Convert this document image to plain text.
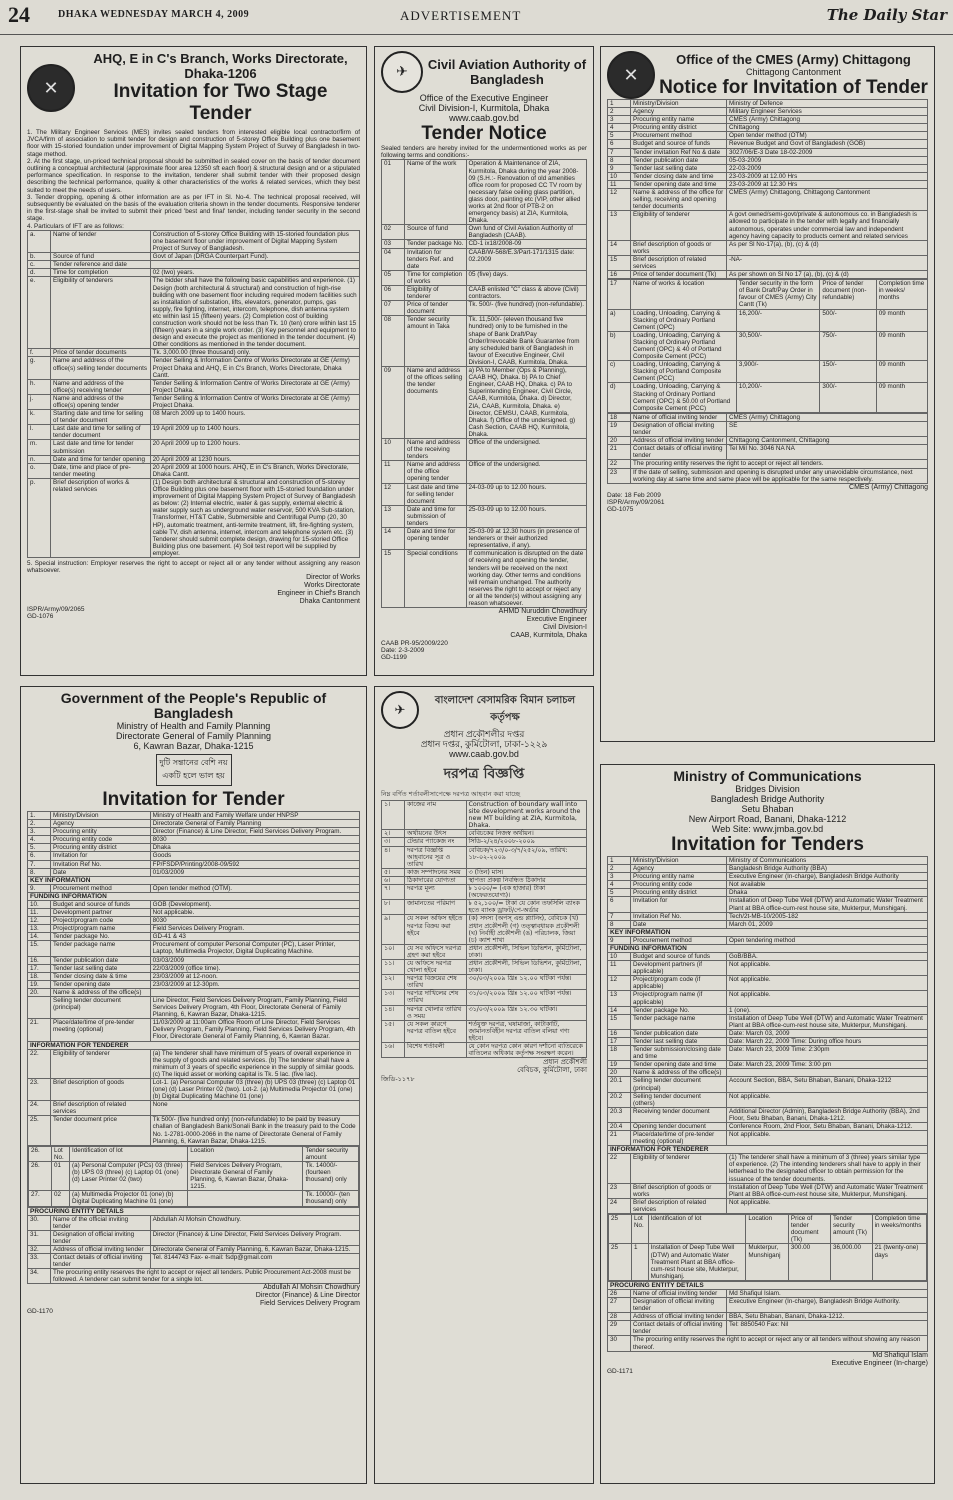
24	DHAKA WEDNESDAY MARCH 4, 2009	ADVERTISEMENT	The Daily Star
✕
AHQ, E in C's Branch, Works Directorate, Dhaka-1206
Invitation for Two Stage Tender
1. The Military Engineer Services (MES) invites sealed tenders from interested eligible local contractor/firm of JVCA/firm of association to submit tender for design and construction of 5-storey Office Building plus one basement floor with 15-storied foundation under improvement of Digital Mapping System Project of Survey of Bangladesh in two-stage method.
2. At the first stage, un-priced technical proposal should be submitted in sealed cover on the basis of tender document outlining a conceptual architectural (approximate floor area 12350 sft each floor) & structural design and or a stipulated performance specification. In response to the invitation, tenderer shall submit tender with their proposed design describing the technical performance, quality & other characteristics of the works & related services, which they best suited to meet the needs of users.
3. Tender dropping, opening & other information are as per IFT in Sl. No-4. The technical proposal received, will subsequently be evaluated on the basis of the evaluation criteria shown in the tender documents. Responsive tenderer in the first-stage shall be invited to submit their priced 'best and final' tender, including tender security in the second stage.
4. Particulars of IFT are as follows:
a.	Name of tender	Construction of 5-storey Office Building with 15-storied foundation plus one basement floor under improvement of Digital Mapping System Project of Survey of Bangladesh.
b.	Source of fund	Govt of Japan (DRGA Counterpart Fund).
c.	Tender reference and date	
d.	Time for completion	02 (two) years.
e.	Eligibility of tenderers	The bidder shall have the following basic capabilities and experience. (1) Design (both architectural & structural) and construction of high-rise building with one basement floor including required modern facilities such as installation of substation, lifts, elevators, generator, pumps, gas supply, fire fighting, internet, intercom, telephone, dish antenna system etc within last 15 (fifteen) years. (2) Completion cost of building construction work should not be less than Tk. 10 (ten) crore within last 15 (fifteen) years in a single work order. (3) Key personnel and equipment to design and execute the project as mentioned in the tender document. (4) Other conditions as mentioned in the tender document.
f.	Price of tender documents	Tk. 3,000.00 (three thousand) only.
g.	Name and address of the office(s) selling tender documents	Tender Selling & Information Centre of Works Directorate at GE (Army) Project Dhaka and AHQ, E in C's Branch, Works Directorate, Dhaka Cantt.
h.	Name and address of the office(s) receiving tender	Tender Selling & Information Centre of Works Directorate at GE (Army) Project Dhaka.
j.	Name and address of the office(s) opening tender	Tender Selling & Information Centre of Works Directorate at GE (Army) Project Dhaka.
k.	Starting date and time for selling of tender document	08 March 2009 up to 1400 hours.
l.	Last date and time for selling of tender document	19 April 2009 up to 1400 hours.
m.	Last date and time for tender submission	20 April 2009 up to 1200 hours.
n.	Date and time for tender opening	20 April 2009 at 1230 hours.
o.	Date, time and place of pre-tender meeting	20 April 2009 at 1000 hours. AHQ, E in C's Branch, Works Directorate, Dhaka Cantt.
p.	Brief description of works & related services	(1) Design both architectural & structural and construction of 5-storey Office Building plus one basement floor with 15-storied foundation under improvement of Digital Mapping System Project of Survey of Bangladesh as below: (2) Internal electric, water & gas supply, external electric & water supply such as underground water reservoir, 500 KVA Sub-station, Transformer, HT&T Cable, Submersible and Centrifugal Pump (20, 30 HP), automatic treatment, anti-termite treatment, lift, fire-fighting system, cable TV, dish antenna, internet, intercom and telephone system etc. (3) Tenderer should submit complete design, drawing for 15-storied Office Building plus one basement. (4) Soil test report will be supplied by employer.
5. Special instruction: Employer reserves the right to accept or reject all or any tender without assigning any reason whatsoever.
Director of Works
Works Directorate
Engineer in Chief's Branch
Dhaka Cantonment
ISPR/Army/09/2065
GD-1076
✈	Civil Aviation Authority of Bangladesh
Office of the Executive Engineer
Civil Division-I, Kurmitola, Dhaka
www.caab.gov.bd
Tender Notice
Sealed tenders are hereby invited for the undermentioned works as per following terms and conditions:-
01	Name of the work	Operation & Maintenance of ZIA, Kurmitola, Dhaka during the year 2008-09 (S.H.:- Renovation of old amenities office room for proposed CC TV room by necessary false ceiling glass partition, glass door, painting etc (VIP, other allied works at 2nd floor of PTB-2 on emergency basis) at ZIA, Kurmitola, Dhaka.
02	Source of fund	Own fund of Civil Aviation Authority of Bangladesh (CAAB).
03	Tender package No.	CD-1 ix18/2008-09
04	Invitation for tenders Ref. and date	CAAB/W-568/E.3/Part-171/1315 date: 02.2009
05	Time for completion of works	05 (five) days.
06	Eligibility of tenderer	CAAB enlisted "C" class & above (Civil) contractors.
07	Price of tender document	Tk. 500/- (five hundred) (non-refundable).
08	Tender security amount in Taka	Tk. 11,500/- (eleven thousand five hundred) only to be furnished in the shape of Bank Draft/Pay Order/Irrevocable Bank Guarantee from any scheduled bank of Bangladesh in favour of Executive Engineer, Civil Division-I, CAAB, Kurmitola, Dhaka.
09	Name and address of the offices selling the tender documents	a) PA to Member (Ops & Planning), CAAB HQ, Dhaka. b) PA to Chief Engineer, CAAB HQ, Dhaka. c) PA to Superintending Engineer, Civil Circle, CAAB, Kurmitola, Dhaka. d) Director, ZIA, CAAB, Kurmitola, Dhaka. e) Director, CEMSU, CAAB, Kurmitola, Dhaka. f) Office of the undersigned. g) Cash Section, CAAB HQ, Kurmitola, Dhaka.
10	Name and address of the receiving tenders	Office of the undersigned.
11	Name and address of the office opening tender	Office of the undersigned.
12	Last date and time for selling tender document	24-03-09 up to 12.00 hours.
13	Date and time for submission of tenders	25-03-09 up to 12.00 hours.
14	Date and time for opening tender	25-03-09 at 12.30 hours (in presence of tenderers or their authorized representative, if any).
15	Special conditions	If communication is disrupted on the date of receiving and opening the tender, tenders will be received on the next working day. Other terms and conditions will remain unchanged. The authority reserves the right to accept or reject any or all the tender(s) without assigning any reason whatsoever.
AHMD Nuruddin Chowdhury
Executive Engineer
Civil Division-I
CAAB, Kurmitola, Dhaka
CAAB PR-95/2009/220
Date: 2-3-2009
GD-1199
✕
Office of the CMES (Army) Chittagong
Chittagong Cantonment
Notice for Invitation of Tender
1	Ministry/Division	Ministry of Defence
2	Agency	Military Engineer Services
3	Procuring entity name	CMES (Army) Chittagong
4	Procuring entity district	Chittagong
5	Procurement method	Open tender method (OTM)
6	Budget and source of funds	Revenue Budget and Govt of Bangladesh (GOB)
7	Tender invitation Ref No & date	3027/06/E-3 Date 18-02-2009
8	Tender publication date	05-03-2009
9	Tender last selling date	22-03-2009
10	Tender closing date and time	23-03-2009 at 12.00 Hrs
11	Tender opening date and time	23-03-2009 at 12.30 Hrs
12	Name & address of the office for selling, receiving and opening tender documents	CMES (Army) Chittagong, Chittagong Cantonment
13	Eligibility of tenderer	A govt owned/semi-govt/private & autonomous co. in Bangladesh is allowed to participate in the tender with legally and financially autonomous, operates under commercial law and independent agency having capacity to products cement and related services
14	Brief description of goods or works	As per Sl No-17(a), (b), (c) & (d)
15	Brief description of related services	-NA-
16	Price of tender document (Tk)	As per shown on Sl No 17 (a), (b), (c) & (d)
17	Name of works & location	Tender security in the form of Bank Draft/Pay Order in favour of CMES (Army) City Cantt (Tk)	Price of tender document (non-refundable)	Completion time in weeks/ months
a)	Loading, Unloading, Carrying & Stacking of Ordinary Portland Cement (OPC)	16,200/-	500/-	09 month
b)	Loading, Unloading, Carrying & Stacking of Ordinary Portland Cement (OPC) & 40 of Portland Composite Cement (PCC)	30,500/-	750/-	09 month
c)	Loading, Unloading, Carrying & Stacking of Portland Composite Cement (PCC)	3,900/-	150/-	09 month
d)	Loading, Unloading, Carrying & Stacking of Ordinary Portland Cement (OPC) & 50.00 of Portland Composite Cement (PCC)	10,200/-	300/-	09 month
18	Name of official inviting tender	CMES (Army) Chittagong
19	Designation of official inviting tender	SE
20	Address of official inviting tender	Chittagong Cantonment, Chittagong
21	Contact details of official inviting tender	Tel Mil No. 3046 NA NA
22	The procuring entity reserves the right to accept or reject all tenders.	
23	If the date of selling, submission and opening is disrupted under any unavoidable circumstance, next working day at same time and same place will be applicable for the same respectively.	
CMES (Army) Chittagong
Date: 18 Feb 2009
ISPR/Army/09/2061
GD-1075
Government of the People's Republic of Bangladesh
Ministry of Health and Family Planning
Directorate General of Family Planning
6, Kawran Bazar, Dhaka-1215
দুটি সন্তানের বেশি নয় একটি হলে ভাল হয়
Invitation for Tender
1.	Ministry/Division	Ministry of Health and Family Welfare under HNPSP
2.	Agency	Directorate General of Family Planning
3.	Procuring entity	Director (Finance) & Line Director, Field Services Delivery Program.
4.	Procuring entity code	8030
5.	Procuring entity district	Dhaka
6.	Invitation for	Goods
7.	Invitation Ref No.	FP/FSDP/Printing/2008-09/592
8.	Date	01/03/2009
KEY INFORMATION
9.	Procurement method	Open tender method (OTM).
FUNDING INFORMATION
10.	Budget and source of funds	GOB (Development).
11.	Development partner	Not applicable.
12.	Project/program code	8030
13.	Project/program name	Field Services Delivery Program.
14.	Tender package No.	GD-41 & 43
15.	Tender package name	Procurement of computer Personal Computer (PC), Laser Printer, Laptop, Multimedia Projector, Digital Duplicating Machine.
16.	Tender publication date	03/03/2009
17.	Tender last selling date	22/03/2009 (office time).
18.	Tender closing date & time	23/03/2009 at 12-noon.
19.	Tender opening date	23/03/2009 at 12-30pm.
20.	Name & address of the office(s)	
	Selling tender document (principal)	Line Director, Field Services Delivery Program, Family Planning, Field Services Delivery Program, 4th Floor, Directorate General of Family Planning, 6, Kawran Bazar, Dhaka-1215.
21.	Place/date/time of pre-tender meeting (optional)	11/03/2009 at 11:00am Office Room of Line Director, Field Services Delivery Program, Family Planning, Field Services Delivery Program, 4th Floor, Directorate General of Family Planning, 6, Kawran Bazar.
INFORMATION FOR TENDERER
22.	Eligibility of tenderer	(a) The tenderer shall have minimum of 5 years of overall experience in the supply of goods and related services. (b) The tenderer shall have a minimum of 3 years of specific experience in the supply of similar goods. (c) The liquid asset or working capital is Tk. 5 lac. (five lac).
23.	Brief description of goods	Lot-1. (a) Personal Computer 03 (three) (b) UPS 03 (three) (c) Laptop 01 (one) (d) Laser Printer 02 (two). Lot-2. (a) Multimedia Projector 01 (one) (b) Digital Duplicating Machine 01 (one)
24.	Brief description of related services	None
25.	Tender document price	Tk 500/- (five hundred only) (non-refundable) to be paid by treasury challan of Bangladesh Bank/Sonali Bank in the treasury paid to the Code No. 1-2781-0000-2066 in the name of Directorate General of Family Planning, 6, Kawran Bazar, Dhaka-1215.

26.	Lot No.	Identification of lot	Location	Tender security amount
26.	01	(a) Personal Computer (PCs) 03 (three) (b) UPS 03 (three) (c) Laptop 01 (one) (d) Laser Printer 02 (two)	Field Services Delivery Program, Directorate General of Family Planning, 6, Kawran Bazar, Dhaka-1215.	Tk. 14000/- (fourteen thousand) only
27.	02	(a) Multimedia Projector 01 (one) (b) Digital Duplicating Machine 01 (one)		Tk. 10000/- (ten thousand) only

PROCURING ENTITY DETAILS
30.	Name of the official inviting tender	Abdullah Al Mohsin Chowdhury.
31.	Designation of official inviting tender	Director (Finance) & Line Director, Field Services Delivery Program.
32.	Address of official inviting tender	Directorate General of Family Planning, 6, Kawran Bazar, Dhaka-1215.
33.	Contact details of official inviting tender	Tel. 8144743 Fax- e-mail: fsdp@gmail.com
34.	The procuring entity reserves the right to accept or reject all tenders. Public Procurement Act-2008 must be followed. A tenderer can submit tender for a single lot.
Abdullah Al Mohsin Chowdhury
Director (Finance) & Line Director
Field Services Delivery Program
GD-1170
✈
বাংলাদেশ বেসামরিক বিমান চলাচল কর্তৃপক্ষ
প্রধান প্রকৌশলীর দপ্তর
প্রধান দপ্তর, কুর্মিটোলা, ঢাকা-১২২৯
www.caab.gov.bd
দরপত্র বিজ্ঞপ্তি
নিম্ন বর্ণিত শর্তাবলীসাপেক্ষে দরপত্র আহবান করা যাচ্ছে
১।	কাজের নাম	Construction of boundary wall into site development works around the new MT building at ZIA, Kurmitola, Dhaka.
২।	অর্থায়নের উৎস	বেবিচকের নিজস্ব অর্থায়ন।
৩।	টেন্ডার প্যাকেজ নং	সিডি-২/২৪/২০০৮-২০০৯
৪।	দরপত্র বিজ্ঞপ্তি আহবানের সূত্র ও তারিখ	বেবিচক/৭২৩/০-৩/৭/২৫২/০৯, তারিখ: ১৮-০২-২০০৯
৫।	কাজ সম্পাদনের সময়	৩ (তিন) মাস।
৬।	ঠিকাদারের যোগ্যতা	স্থাপত্য প্রকল্প নিবন্ধিত ঠিকাদার
৭।	দরপত্র মূল্য	৳ ১০০০/= (এক হাজার) টাকা (অফেরতযোগ্য)।
৮।	জামানতের পরিমাণ	৳ ৫২,১০০/= টাকা যে কোন তফসিলি ব্যাংক হতে ব্যাংক ড্রাফট/পে-অর্ডার
৯।	যে সকল অফিস হইতে দরপত্র বিক্রয় করা হইবে	(ক) সদস্য (অপস্‌ এন্ড প্ল্যানিং), বেবিচক (খ) প্রধান প্রকৌশলী (গ) তত্ত্বাবধায়ক প্রকৌশলী (ঘ) নির্বাহী প্রকৌশলী (ঙ) পরিচালক, জিয়া (চ) ক্যাশ শাখা
১০।	যে সব অফিসে দরপত্র গ্রহণ করা হইবে	প্রধান প্রকৌশলী, সিভিল ডিভিশন, কুর্মিটোলা, ঢাকা।
১১।	যে অফিসে দরপত্র খোলা হইবে	প্রধান প্রকৌশলী, সিভিল ডিভিশন, কুর্মিটোলা, ঢাকা।
১২।	দরপত্র বিক্রয়ের শেষ তারিখ	৩০/০৩/২০০৯ খ্রিঃ ১২.০০ ঘটিকা পর্যন্ত।
১৩।	দরপত্র দাখিলের শেষ তারিখ	৩১/০৩/২০০৯ খ্রিঃ ১২.০০ ঘটিকা পর্যন্ত।
১৪।	দরপত্র খোলার তারিখ ও সময়	৩১/০৩/২০০৯ খ্রিঃ ১২.৩০ ঘটিকা।
১৫।	যে সকল কারণে দরপত্র বাতিল হইবে	শর্তযুক্ত দরপত্র, ঘষামাজা, কাটাকাটি, জামানতবিহীন দরপত্র বাতিল বলিয়া গণ্য হইবে।
১৬।	বিশেষ শর্তাবলী	যে কোন দরপত্র কোন কারণ দর্শানো ব্যতিরেকে বাতিলের অধিকার কর্তৃপক্ষ সংরক্ষণ করেন।
প্রধান প্রকৌশলী
বেবিচক, কুর্মিটোলা, ঢাকা
জিডি-১১৭৮
Ministry of Communications
Bridges Division
Bangladesh Bridge Authority
Setu Bhaban
New Airport Road, Banani, Dhaka-1212
Web Site: www.jmba.gov.bd
Invitation for Tenders
1	Ministry/Division	Ministry of Communications
2	Agency	Bangladesh Bridge Authority (BBA)
3	Procuring entity name	Executive Engineer (In-charge), Bangladesh Bridge Authority
4	Procuring entity code	Not available
5	Procuring entity district	Dhaka
6	Invitation for	Installation of Deep Tube Well (DTW) and Automatic Water Treatment Plant at BBA office-cum-rest house site, Mukterpur, Munshiganj.
7	Invitation Ref No.	Tech/2t-MB-10/2005-182
8	Date	March 01, 2009
KEY INFORMATION
9	Procurement method	Open tendering method
FUNDING INFORMATION
10	Budget and source of funds	GoB/BBA.
11	Development partners (if applicable)	Not applicable.
12	Project/program code (if applicable)	Not applicable.
13	Project/program name (if applicable)	Not applicable.
14	Tender package No.	1 (one).
15	Tender package name	Installation of Deep Tube Well (DTW) and Automatic Water Treatment Plant at BBA office-cum-rest house site, Mukterpur, Munshiganj.
16	Tender publication date	Date: March 03, 2009
17	Tender last selling date	Date: March 22, 2009 Time: During office hours
18	Tender submission/closing date and time	Date: March 23, 2009 Time: 2:30pm
19	Tender opening date and time	Date: March 23, 2009 Time: 3:00 pm
20	Name & address of the office(s)	
20.1	Selling tender document (principal)	Account Section, BBA, Setu Bhaban, Banani, Dhaka-1212
20.2	Selling tender document (others)	Not applicable.
20.3	Receiving tender document	Additional Director (Admin), Bangladesh Bridge Authority (BBA), 2nd Floor, Setu Bhaban, Banani, Dhaka-1212.
20.4	Opening tender document	Conference Room, 2nd Floor, Setu Bhaban, Banani, Dhaka-1212.
21	Place/date/time of pre-tender meeting (optional)	Not applicable.
INFORMATION FOR TENDERER
22	Eligibility of tenderer	(1) The tenderer shall have a minimum of 3 (three) years similar type of experience. (2) The intending tenderers shall have to apply in their letterhead to the designated officer to obtain permission for the issuance of the tender documents.
23	Brief description of goods or works	Installation of Deep Tube Well (DTW) and Automatic Water Treatment Plant at BBA office-cum-rest house site, Mukterpur, Munshiganj.
24	Brief description of related services	Not applicable.

25	Lot No.	Identification of lot	Location	Price of tender document (Tk)	Tender security amount (Tk)	Completion time in weeks/months
25	1	Installation of Deep Tube Well (DTW) and Automatic Water Treatment Plant at BBA office-cum-rest house site, Mukterpur, Munshiganj.	Mukterpur, Munshiganj	300.00	36,000.00	21 (twenty-one) days

PROCURING ENTITY DETAILS
26	Name of official inviting tender	Md Shafiqul Islam.
27	Designation of official inviting tender	Executive Engineer (In-charge), Bangladesh Bridge Authority.
28	Address of official inviting tender	BBA, Setu Bhaban, Banani, Dhaka-1212.
29	Contact details of official inviting tender	Tel: 8850540 Fax: Nil
30	The procuring entity reserves the right to accept or reject any or all tenders without showing any reason thereof.
Md Shafiqul Islam
Executive Engineer (In-charge)
GD-1171
